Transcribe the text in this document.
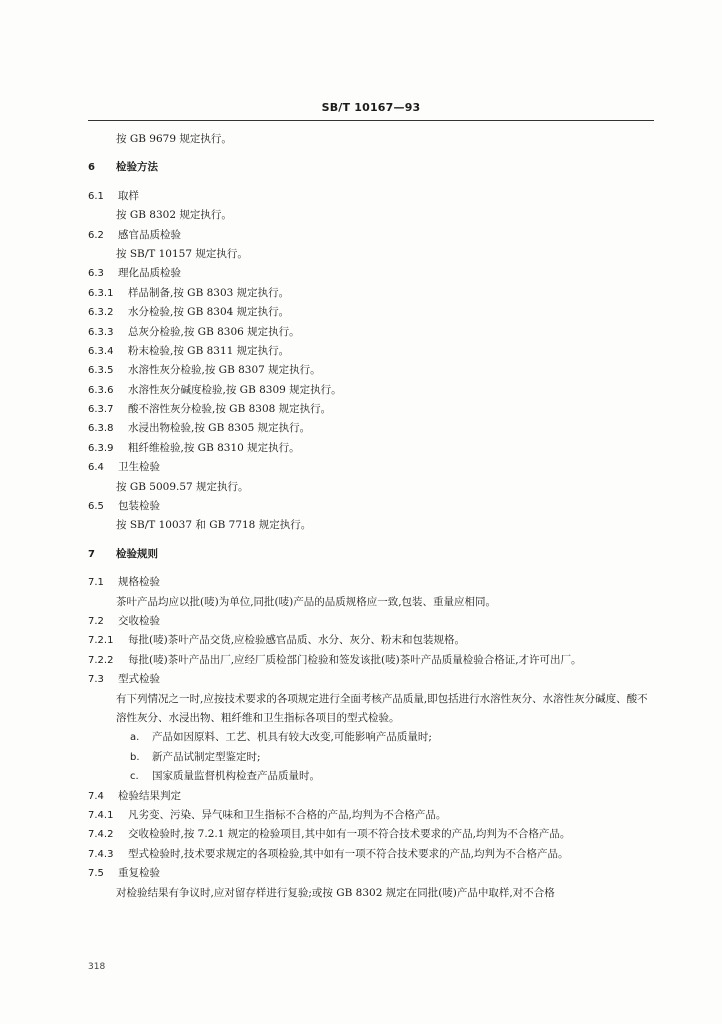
SB/T 10167—93
按 GB 9679 规定执行。
6 检验方法
6.1 取样
按 GB 8302 规定执行。
6.2 感官品质检验
按 SB/T 10157 规定执行。
6.3 理化品质检验
6.3.1 样品制备,按 GB 8303 规定执行。
6.3.2 水分检验,按 GB 8304 规定执行。
6.3.3 总灰分检验,按 GB 8306 规定执行。
6.3.4 粉末检验,按 GB 8311 规定执行。
6.3.5 水溶性灰分检验,按 GB 8307 规定执行。
6.3.6 水溶性灰分碱度检验,按 GB 8309 规定执行。
6.3.7 酸不溶性灰分检验,按 GB 8308 规定执行。
6.3.8 水浸出物检验,按 GB 8305 规定执行。
6.3.9 粗纤维检验,按 GB 8310 规定执行。
6.4 卫生检验
按 GB 5009.57 规定执行。
6.5 包装检验
按 SB/T 10037 和 GB 7718 规定执行。
7 检验规则
7.1 规格检验
茶叶产品均应以批(唛)为单位,同批(唛)产品的品质规格应一致,包装、重量应相同。
7.2 交收检验
7.2.1 每批(唛)茶叶产品交货,应检验感官品质、水分、灰分、粉末和包装规格。
7.2.2 每批(唛)茶叶产品出厂,应经厂质检部门检验和签发该批(唛)茶叶产品质量检验合格证,才许可出厂。
7.3 型式检验
有下列情况之一时,应按技术要求的各项规定进行全面考核产品质量,即包括进行水溶性灰分、水溶性灰分碱度、酸不溶性灰分、水浸出物、粗纤维和卫生指标各项目的型式检验。
a. 产品如因原料、工艺、机具有较大改变,可能影响产品质量时;
b. 新产品试制定型鉴定时;
c. 国家质量监督机构检查产品质量时。
7.4 检验结果判定
7.4.1 凡劣变、污染、异气味和卫生指标不合格的产品,均判为不合格产品。
7.4.2 交收检验时,按 7.2.1 规定的检验项目,其中如有一项不符合技术要求的产品,均判为不合格产品。
7.4.3 型式检验时,技术要求规定的各项检验,其中如有一项不符合技术要求的产品,均判为不合格产品。
7.5 重复检验
对检验结果有争议时,应对留存样进行复验;或按 GB 8302 规定在同批(唛)产品中取样,对不合格
318
